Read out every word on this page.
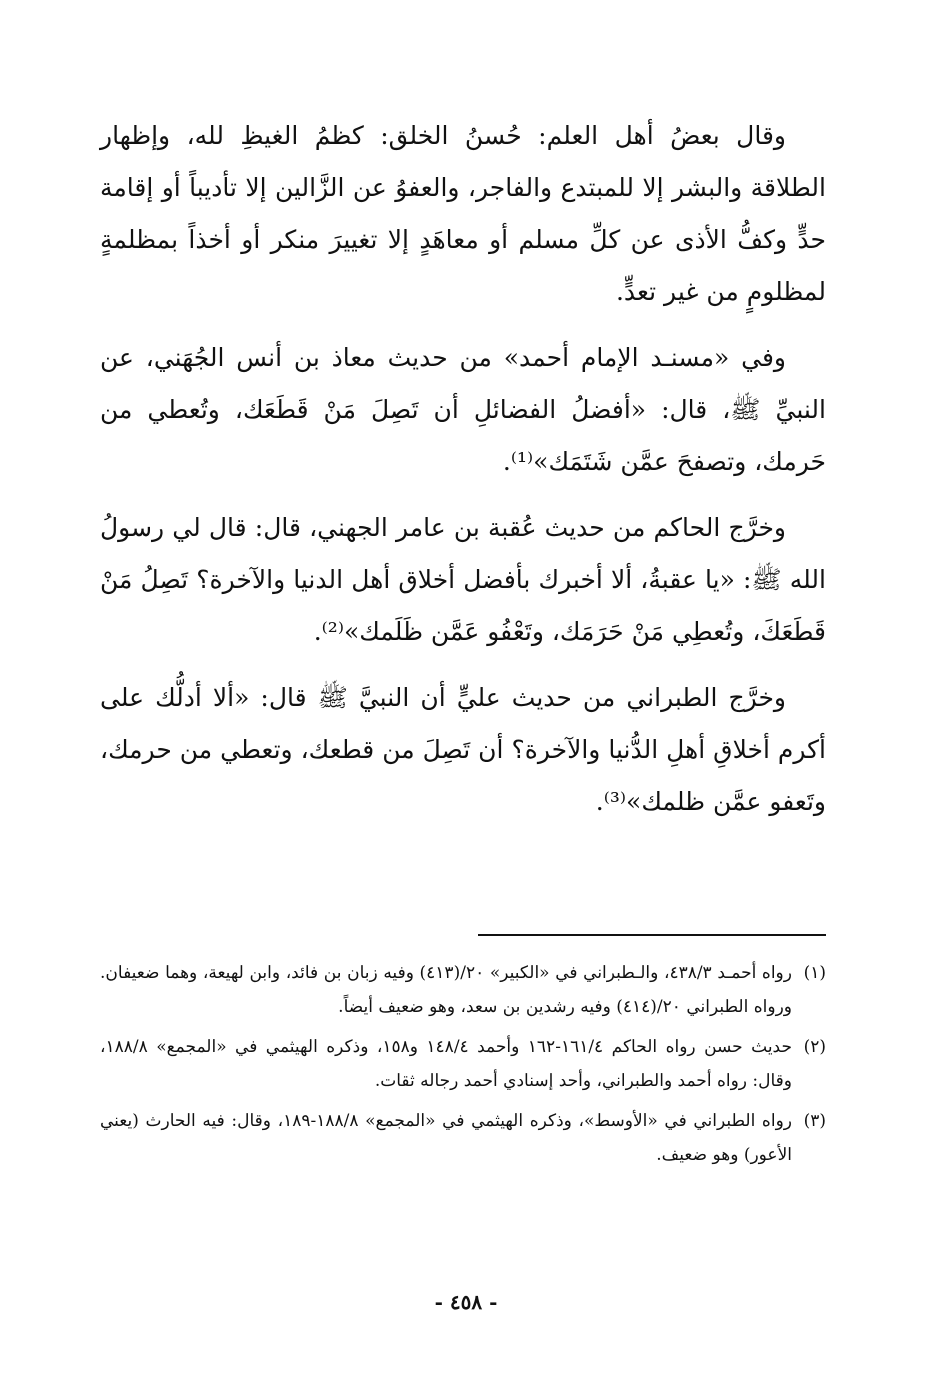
وقال بعضُ أهل العلم: حُسنُ الخلق: كظمُ الغيظِ لله، وإظهار الطلاقة والبشر إلا للمبتدع والفاجر، والعفوُ عن الزَّالين إلا تأديباً أو إقامة حدٍّ وكفُّ الأذى عن كلِّ مسلم أو معاهَدٍ إلا تغييرَ منكر أو أخذاً بمظلمةٍ لمظلومٍ من غير تعدٍّ.

وفي «مسنـد الإمام أحمد» من حديث معاذ بن أنس الجُهَني، عن النبيِّ ﷺ، قال: «أفضلُ الفضائلِ أن تَصِلَ مَنْ قَطَعَك، وتُعطي من حَرمك، وتصفحَ عمَّن شَتَمَك»⁽¹⁾.

وخرَّج الحاكم من حديث عُقبة بن عامر الجهني، قال: قال لي رسولُ الله ﷺ: «يا عقبةُ، ألا أخبرك بأفضل أخلاق أهل الدنيا والآخرة؟ تَصِلُ مَنْ قَطَعَكَ، وتُعطِي مَنْ حَرَمَك، وتَعْفُو عَمَّن ظَلَمك»⁽²⁾.

وخرَّج الطبراني من حديث عليٍّ أن النبيَّ ﷺ قال: «ألا أدلُّك على أكرم أخلاقِ أهلِ الدُّنيا والآخرة؟ أن تَصِلَ من قطعك، وتعطي من حرمك، وتَعفو عمَّن ظلمك»⁽³⁾.

(١)رواه أحمـد ٤٣٨/٣، والـطبراني في «الكبير» ٢٠/(٤١٣) وفيه زبان بن فائد، وابن لهيعة، وهما ضعيفان. ورواه الطبراني ٢٠/(٤١٤) وفيه رشدين بن سعد، وهو ضعيف أيضاً.

(٢)حديث حسن رواه الحاكم ١٦١/٤-١٦٢ وأحمد ١٤٨/٤ و١٥٨، وذكره الهيثمي في «المجمع» ١٨٨/٨، وقال: رواه أحمد والطبراني، وأحد إسنادي أحمد رجاله ثقات.

(٣)رواه الطبراني في «الأوسط»، وذكره الهيثمي في «المجمع» ١٨٨/٨-١٨٩، وقال: فيه الحارث (يعني الأعور) وهو ضعيف.

- ٤٥٨ -
